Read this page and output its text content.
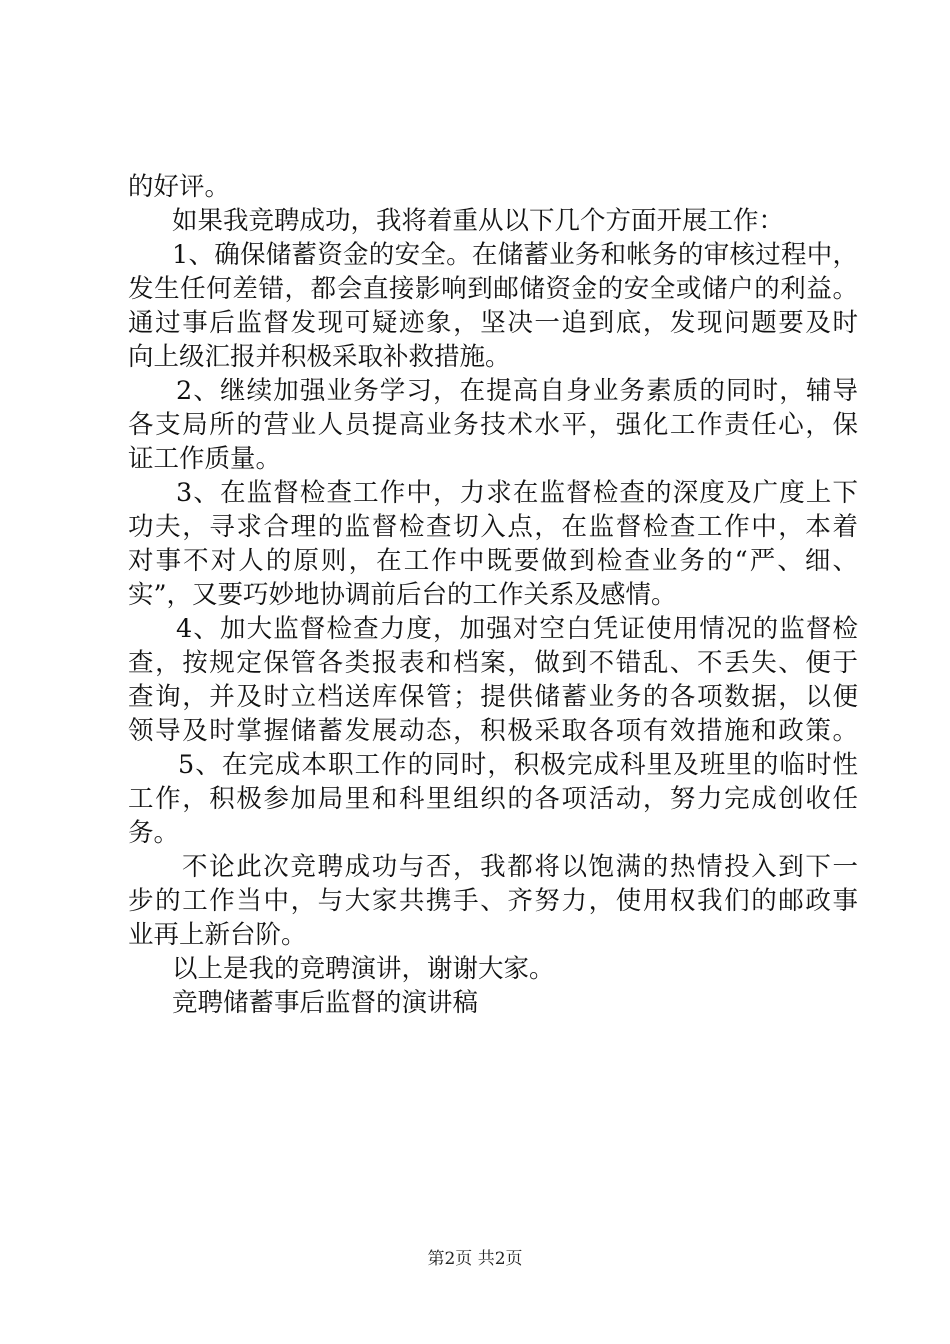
的好评。
如果我竞聘成功，我将着重从以下几个方面开展工作：
1、确保储蓄资金的安全。在储蓄业务和帐务的审核过程中，
发生任何差错，都会直接影响到邮储资金的安全或储户的利益。
通过事后监督发现可疑迹象，坚决一追到底，发现问题要及时
向上级汇报并积极采取补救措施。
2、继续加强业务学习，在提高自身业务素质的同时，辅导
各支局所的营业人员提高业务技术水平，强化工作责任心，保
证工作质量。
3、在监督检查工作中，力求在监督检查的深度及广度上下
功夫，寻求合理的监督检查切入点，在监督检查工作中，本着
对事不对人的原则，在工作中既要做到检查业务的“严、细、
实”，又要巧妙地协调前后台的工作关系及感情。
4、加大监督检查力度，加强对空白凭证使用情况的监督检
查，按规定保管各类报表和档案，做到不错乱、不丢失、便于
查询，并及时立档送库保管；提供储蓄业务的各项数据，以便
领导及时掌握储蓄发展动态，积极采取各项有效措施和政策。
5、在完成本职工作的同时，积极完成科里及班里的临时性
工作，积极参加局里和科里组织的各项活动，努力完成创收任
务。
不论此次竞聘成功与否，我都将以饱满的热情投入到下一
步的工作当中，与大家共携手、齐努力，使用权我们的邮政事
业再上新台阶。
以上是我的竞聘演讲，谢谢大家。
竞聘储蓄事后监督的演讲稿
第2页 共2页
